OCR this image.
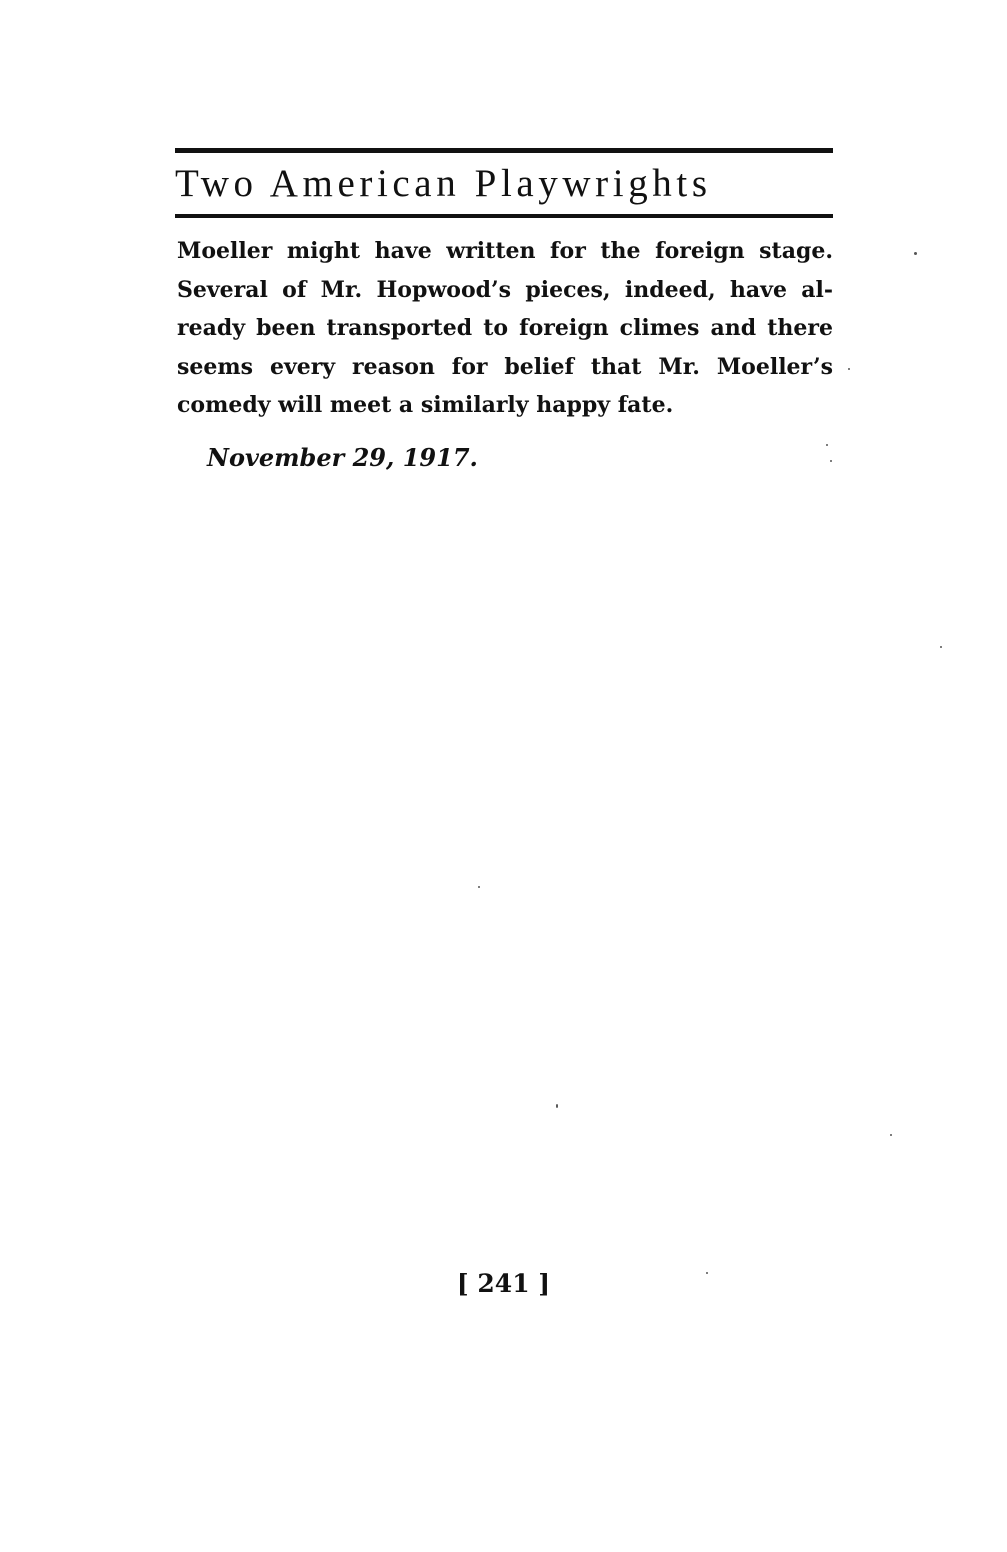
Two American Playwrights
Moeller might have written for the foreign stage.
Several of Mr. Hopwood’s pieces, indeed, have al-
ready been transported to foreign climes and there
seems every reason for belief that Mr. Moeller’s
comedy will meet a similarly happy fate.
November 29, 1917.
[ 241 ]
